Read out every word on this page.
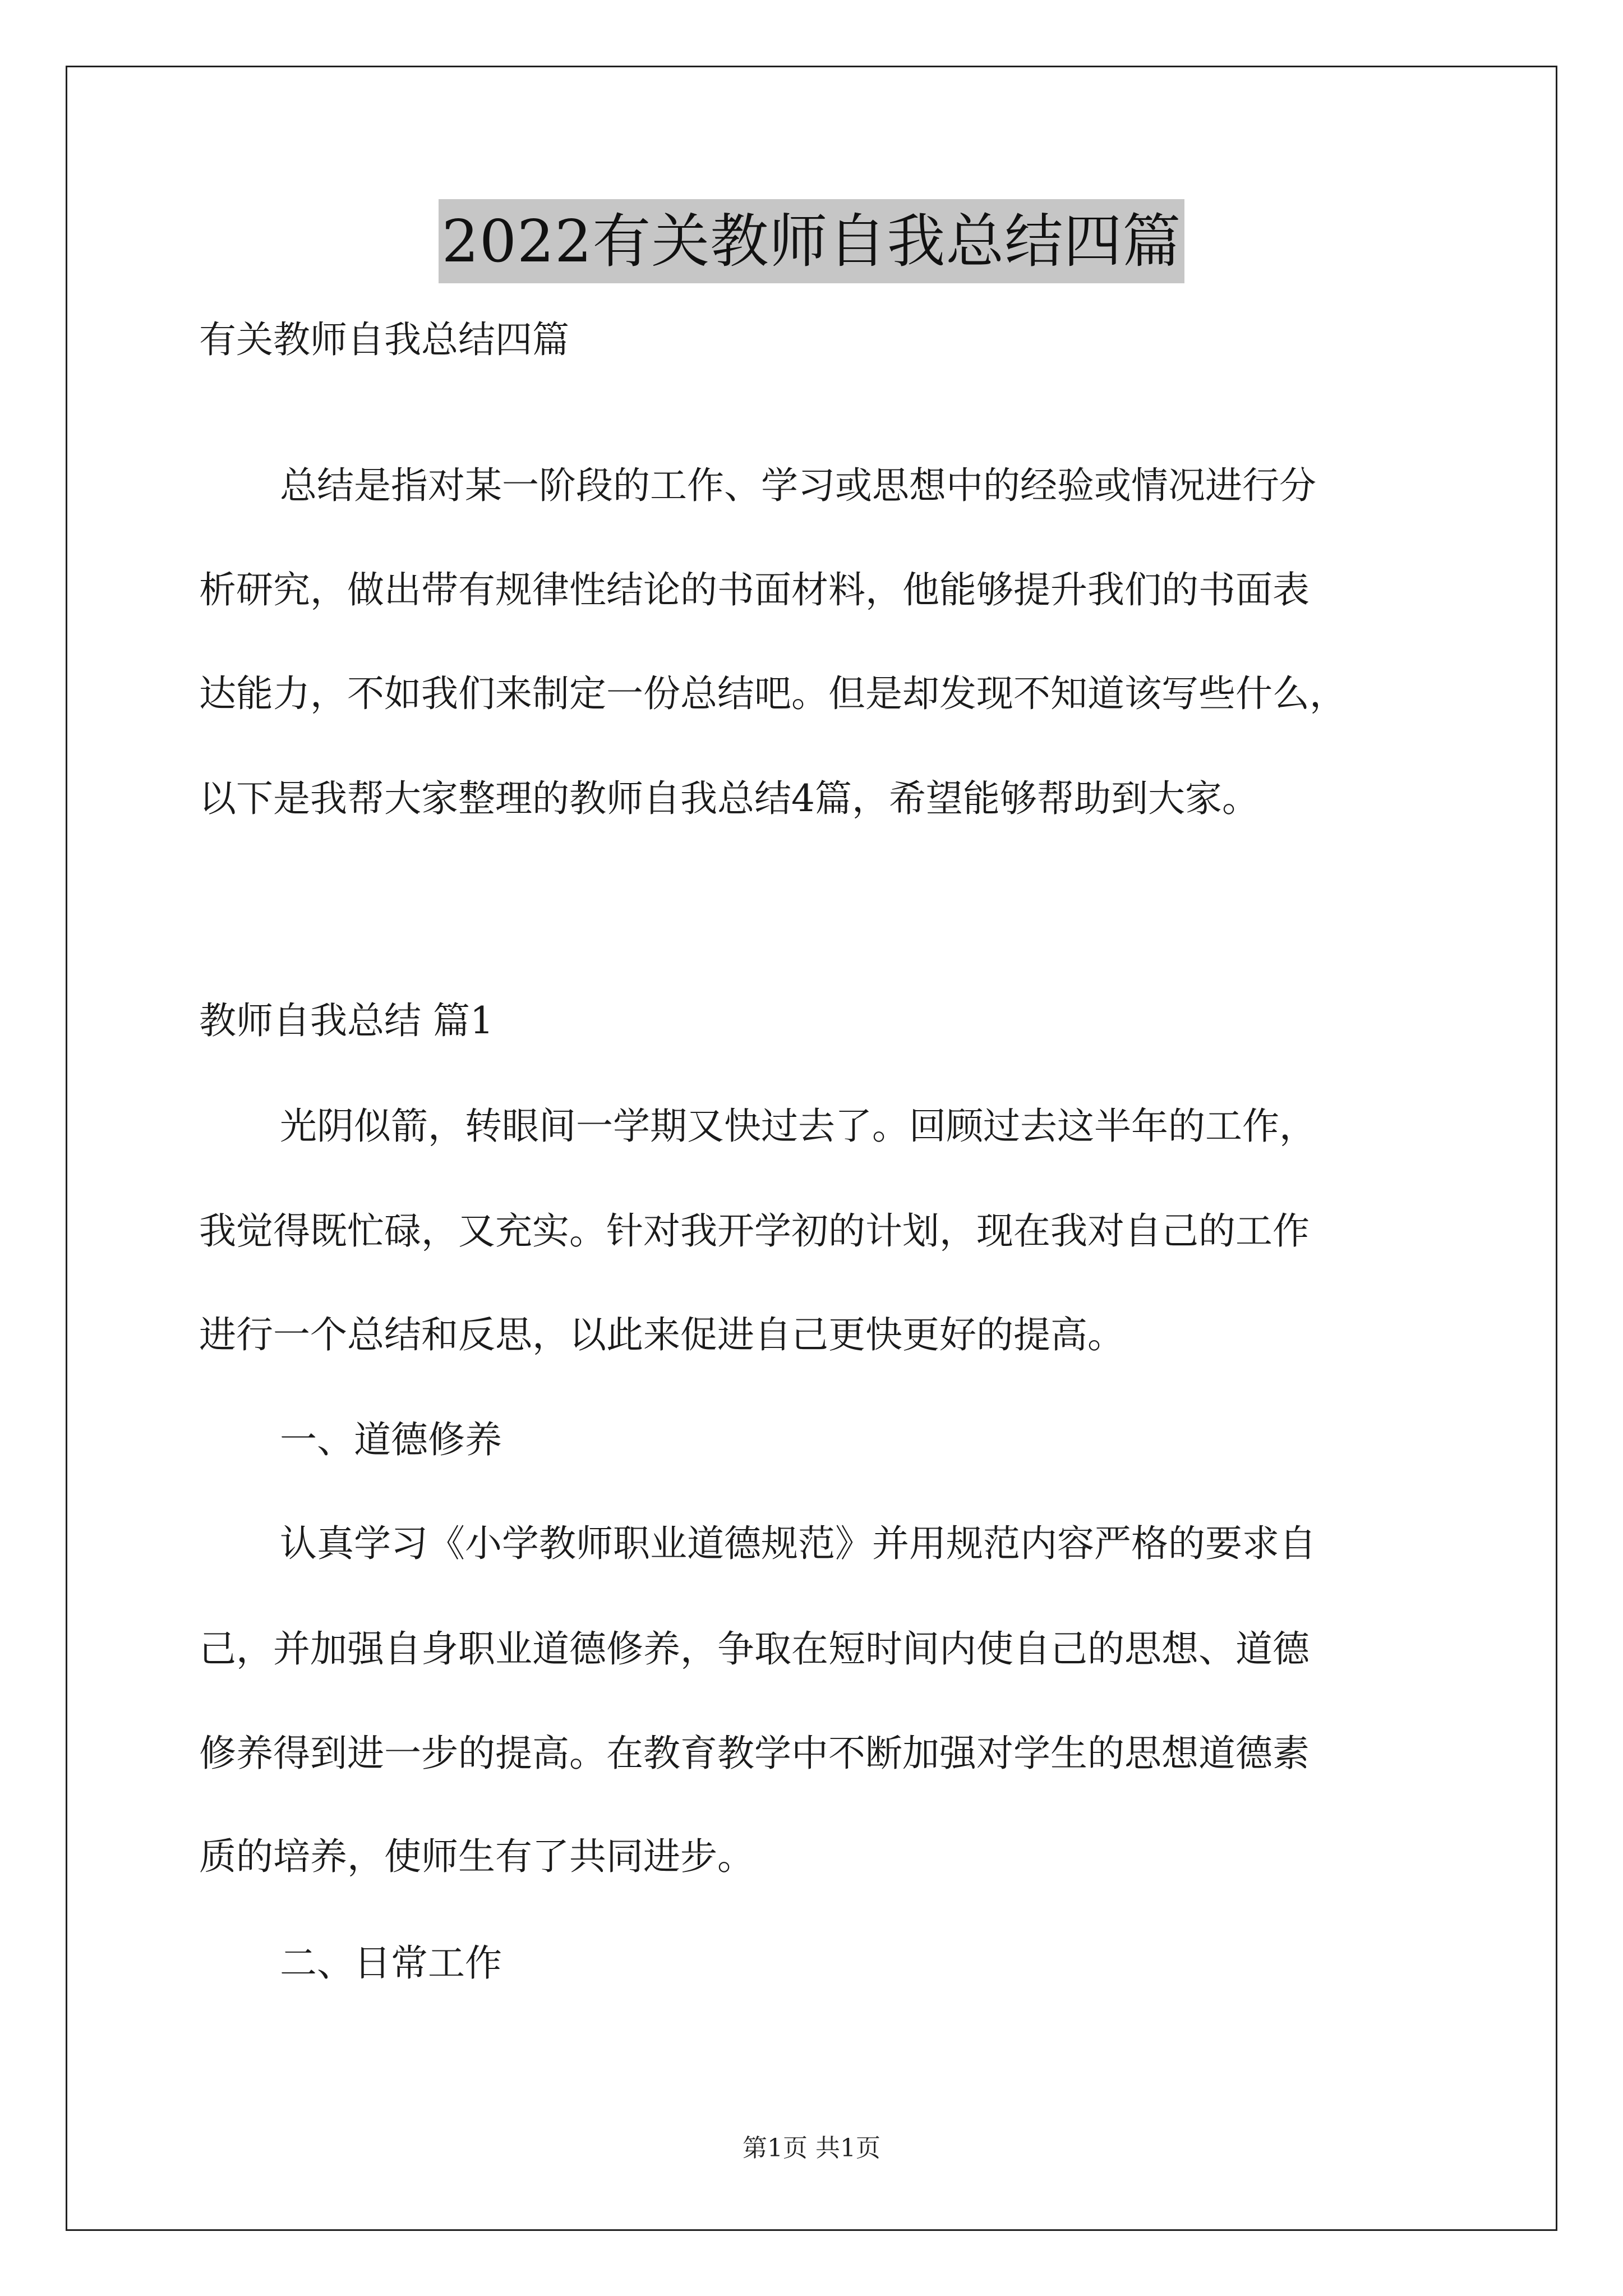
2022有关教师自我总结四篇
有关教师自我总结四篇
总结是指对某一阶段的工作、学习或思想中的经验或情况进行分
析研究，做出带有规律性结论的书面材料，他能够提升我们的书面表
达能力，不如我们来制定一份总结吧。但是却发现不知道该写些什么，
以下是我帮大家整理的教师自我总结4篇，希望能够帮助到大家。
教师自我总结 篇1
光阴似箭，转眼间一学期又快过去了。回顾过去这半年的工作，
我觉得既忙碌，又充实。针对我开学初的计划，现在我对自己的工作
进行一个总结和反思，以此来促进自己更快更好的提高。
一、道德修养
认真学习《小学教师职业道德规范》并用规范内容严格的要求自
己，并加强自身职业道德修养，争取在短时间内使自己的思想、道德
修养得到进一步的提高。在教育教学中不断加强对学生的思想道德素
质的培养，使师生有了共同进步。
二、日常工作
第1页 共1页
